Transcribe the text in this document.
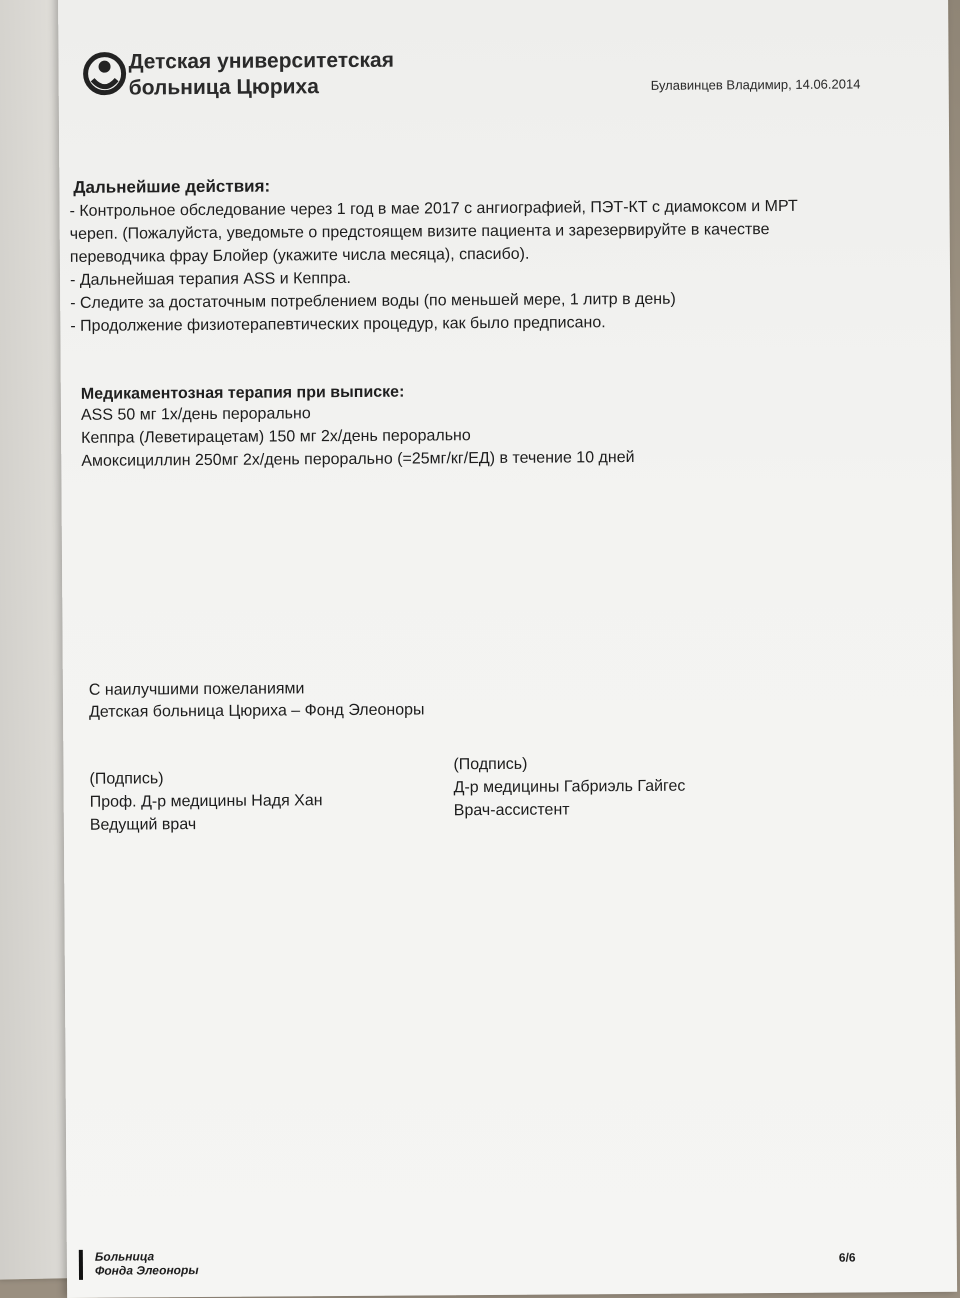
Детская университетская
больница Цюриха	Булавинцев Владимир, 14.06.2014
Дальнейшие действия:
- Контрольное обследование через 1 год в мае 2017 с ангиографией, ПЭТ-КТ с диамоксом и МРТ
череп. (Пожалуйста, уведомьте о предстоящем визите пациента и зарезервируйте в качестве
переводчика фрау Блойер (укажите числа месяца), спасибо).
- Дальнейшая терапия ASS и Кеппра.
- Следите за достаточным потреблением воды (по меньшей мере, 1 литр в день)
- Продолжение физиотерапевтических процедур, как было предписано.
Медикаментозная терапия при выписке:
ASS 50 мг 1х/день перорально
Кеппра (Леветирацетам) 150 мг 2х/день перорально
Амоксициллин 250мг 2х/день перорально (=25мг/кг/ЕД) в течение 10 дней
С наилучшими пожеланиями
Детская больница Цюриха – Фонд Элеоноры
(Подпись)
Проф. Д-р медицины Надя Хан
Ведущий врач
(Подпись)
Д-р медицины Габриэль Гайгес
Врач-ассистент
Больница
Фонда Элеоноры
6/6
